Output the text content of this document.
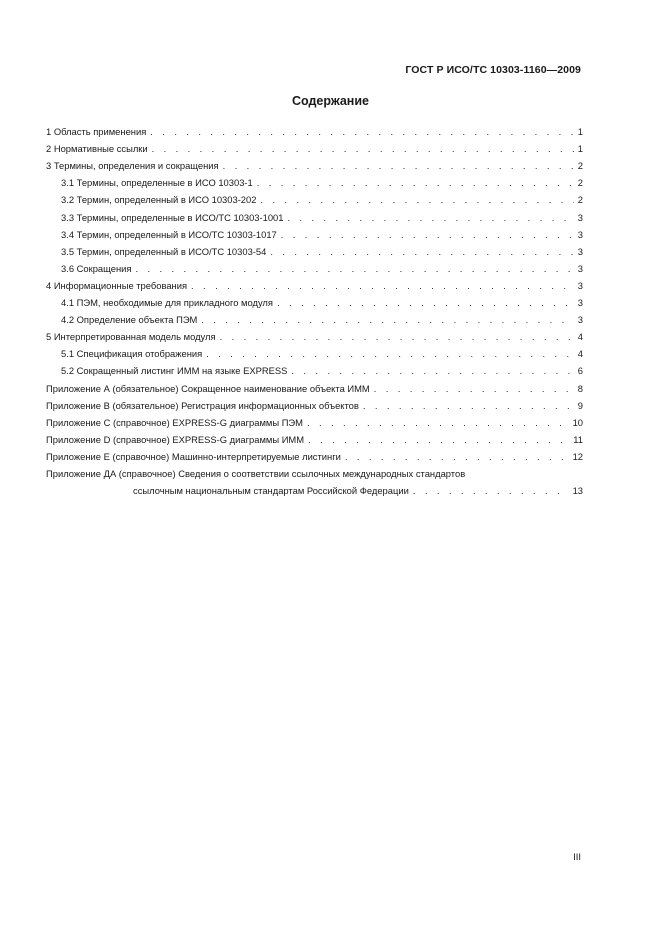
ГОСТ Р ИСО/ТС 10303-1160—2009
Содержание
1 Область применения . . .	1
2 Нормативные ссылки . . .	1
3 Термины, определения и сокращения . . .	2
3.1 Термины, определенные в ИСО 10303-1 . . .	2
3.2 Термин, определенный в ИСО 10303-202 . . .	2
3.3 Термины, определенные в ИСО/ТС 10303-1001 . . .	3
3.4 Термин, определенный в ИСО/ТС 10303-1017 . . .	3
3.5 Термин, определенный в ИСО/ТС 10303-54 . . .	3
3.6 Сокращения . . .	3
4 Информационные требования . . .	3
4.1 ПЭМ, необходимые для прикладного модуля . . .	3
4.2 Определение объекта ПЭМ . . .	3
5 Интерпретированная модель модуля . . .	4
5.1 Спецификация отображения . . .	4
5.2 Сокращенный листинг ИММ на языке EXPRESS . . .	6
Приложение А (обязательное) Сокращенное наименование объекта ИММ . . .	8
Приложение В (обязательное) Регистрация информационных объектов . . .	9
Приложение С (справочное) EXPRESS-G диаграммы ПЭМ . . .	10
Приложение D (справочное) EXPRESS-G диаграммы ИММ . . .	11
Приложение Е (справочное) Машинно-интерпретируемые листинги . . .	12
Приложение ДА (справочное) Сведения о соответствии ссылочных международных стандартов
ссылочным национальным стандартам Российской Федерации . . .	13
III
